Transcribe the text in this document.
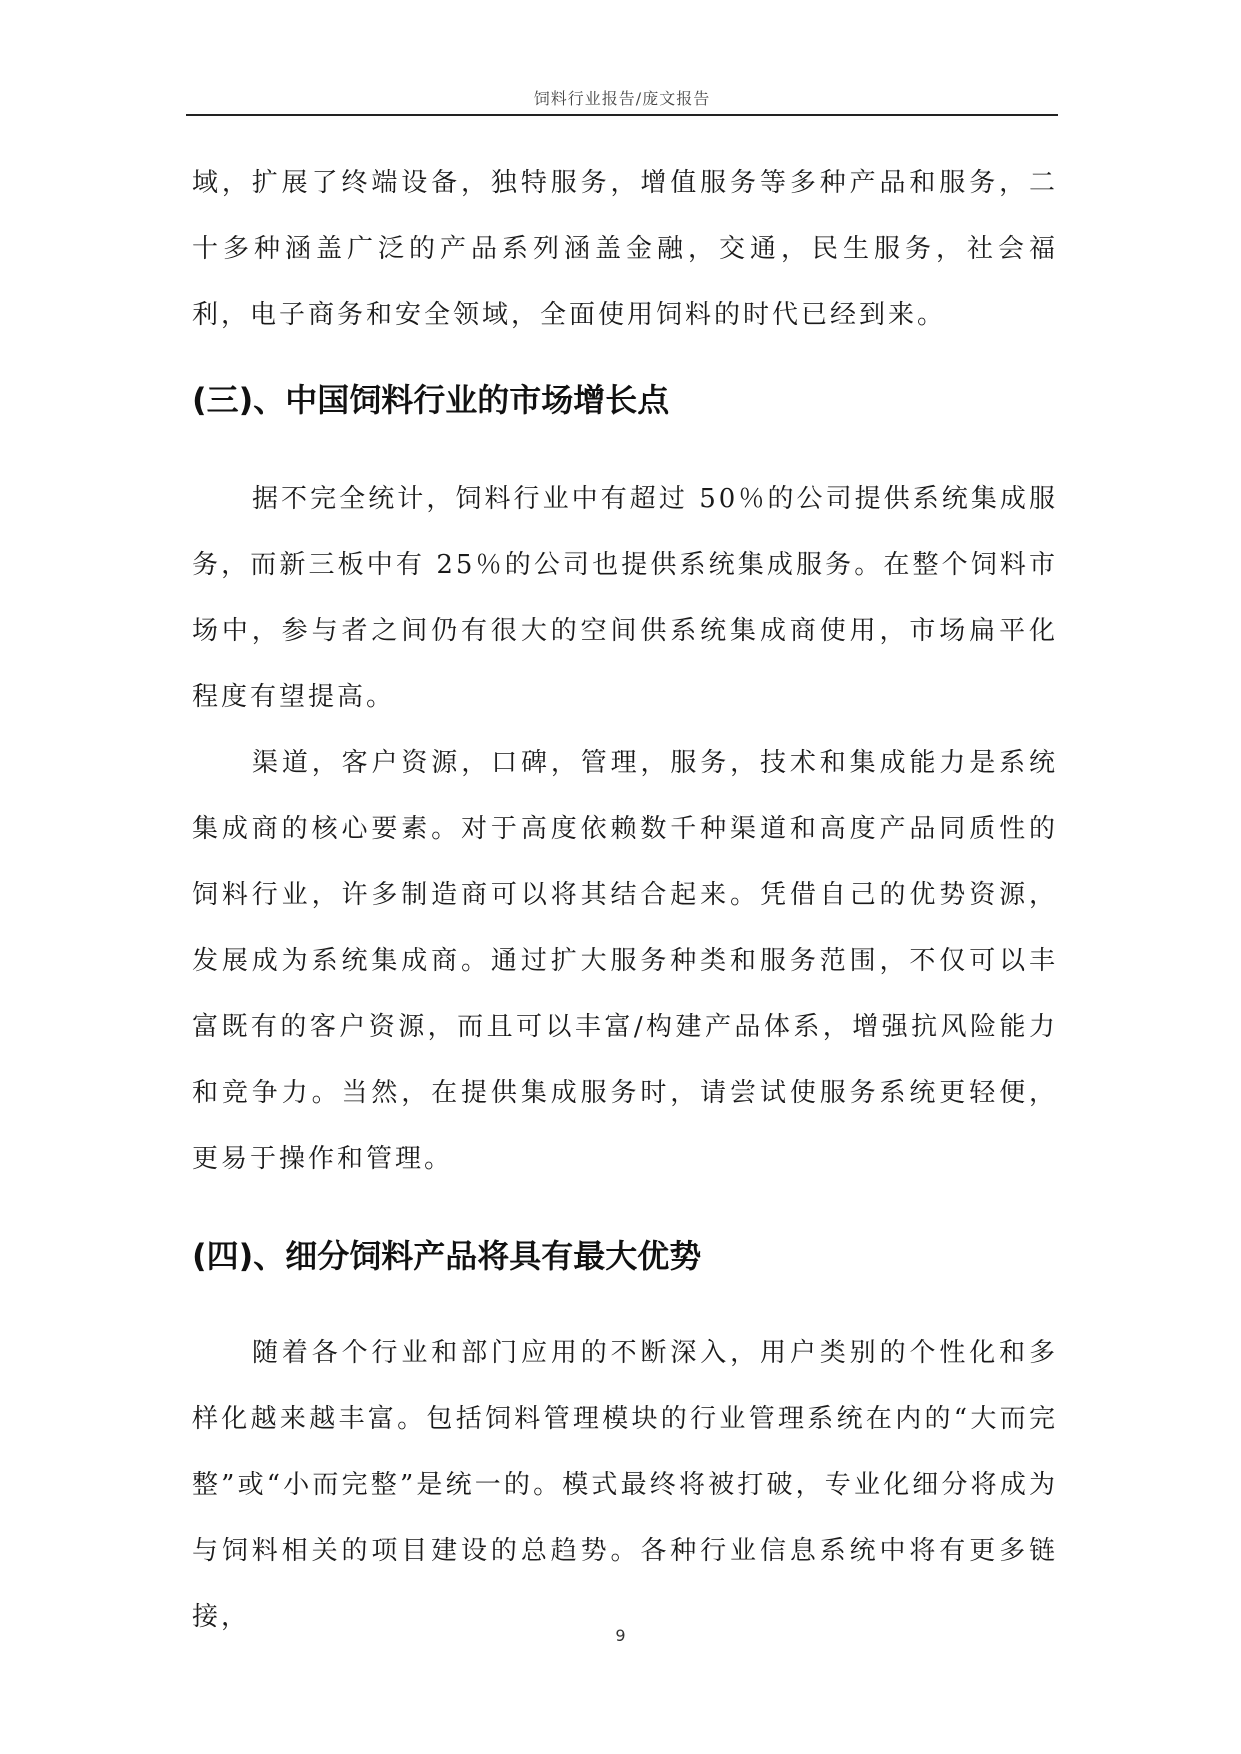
饲料行业报告/庞文报告

域，扩展了终端设备，独特服务，增值服务等多种产品和服务，二十多种涵盖广泛的产品系列涵盖金融，交通，民生服务，社会福利，电子商务和安全领域，全面使用饲料的时代已经到来。

(三)、中国饲料行业的市场增长点

据不完全统计，饲料行业中有超过 50％的公司提供系统集成服务，而新三板中有 25％的公司也提供系统集成服务。在整个饲料市场中，参与者之间仍有很大的空间供系统集成商使用，市场扁平化程度有望提高。

渠道，客户资源，口碑，管理，服务，技术和集成能力是系统集成商的核心要素。对于高度依赖数千种渠道和高度产品同质性的饲料行业，许多制造商可以将其结合起来。凭借自己的优势资源，发展成为系统集成商。通过扩大服务种类和服务范围，不仅可以丰富既有的客户资源，而且可以丰富/构建产品体系，增强抗风险能力和竞争力。当然，在提供集成服务时，请尝试使服务系统更轻便，更易于操作和管理。

(四)、细分饲料产品将具有最大优势

随着各个行业和部门应用的不断深入，用户类别的个性化和多样化越来越丰富。包括饲料管理模块的行业管理系统在内的“大而完整”或“小而完整”是统一的。模式最终将被打破，专业化细分将成为与饲料相关的项目建设的总趋势。各种行业信息系统中将有更多链接，

9
